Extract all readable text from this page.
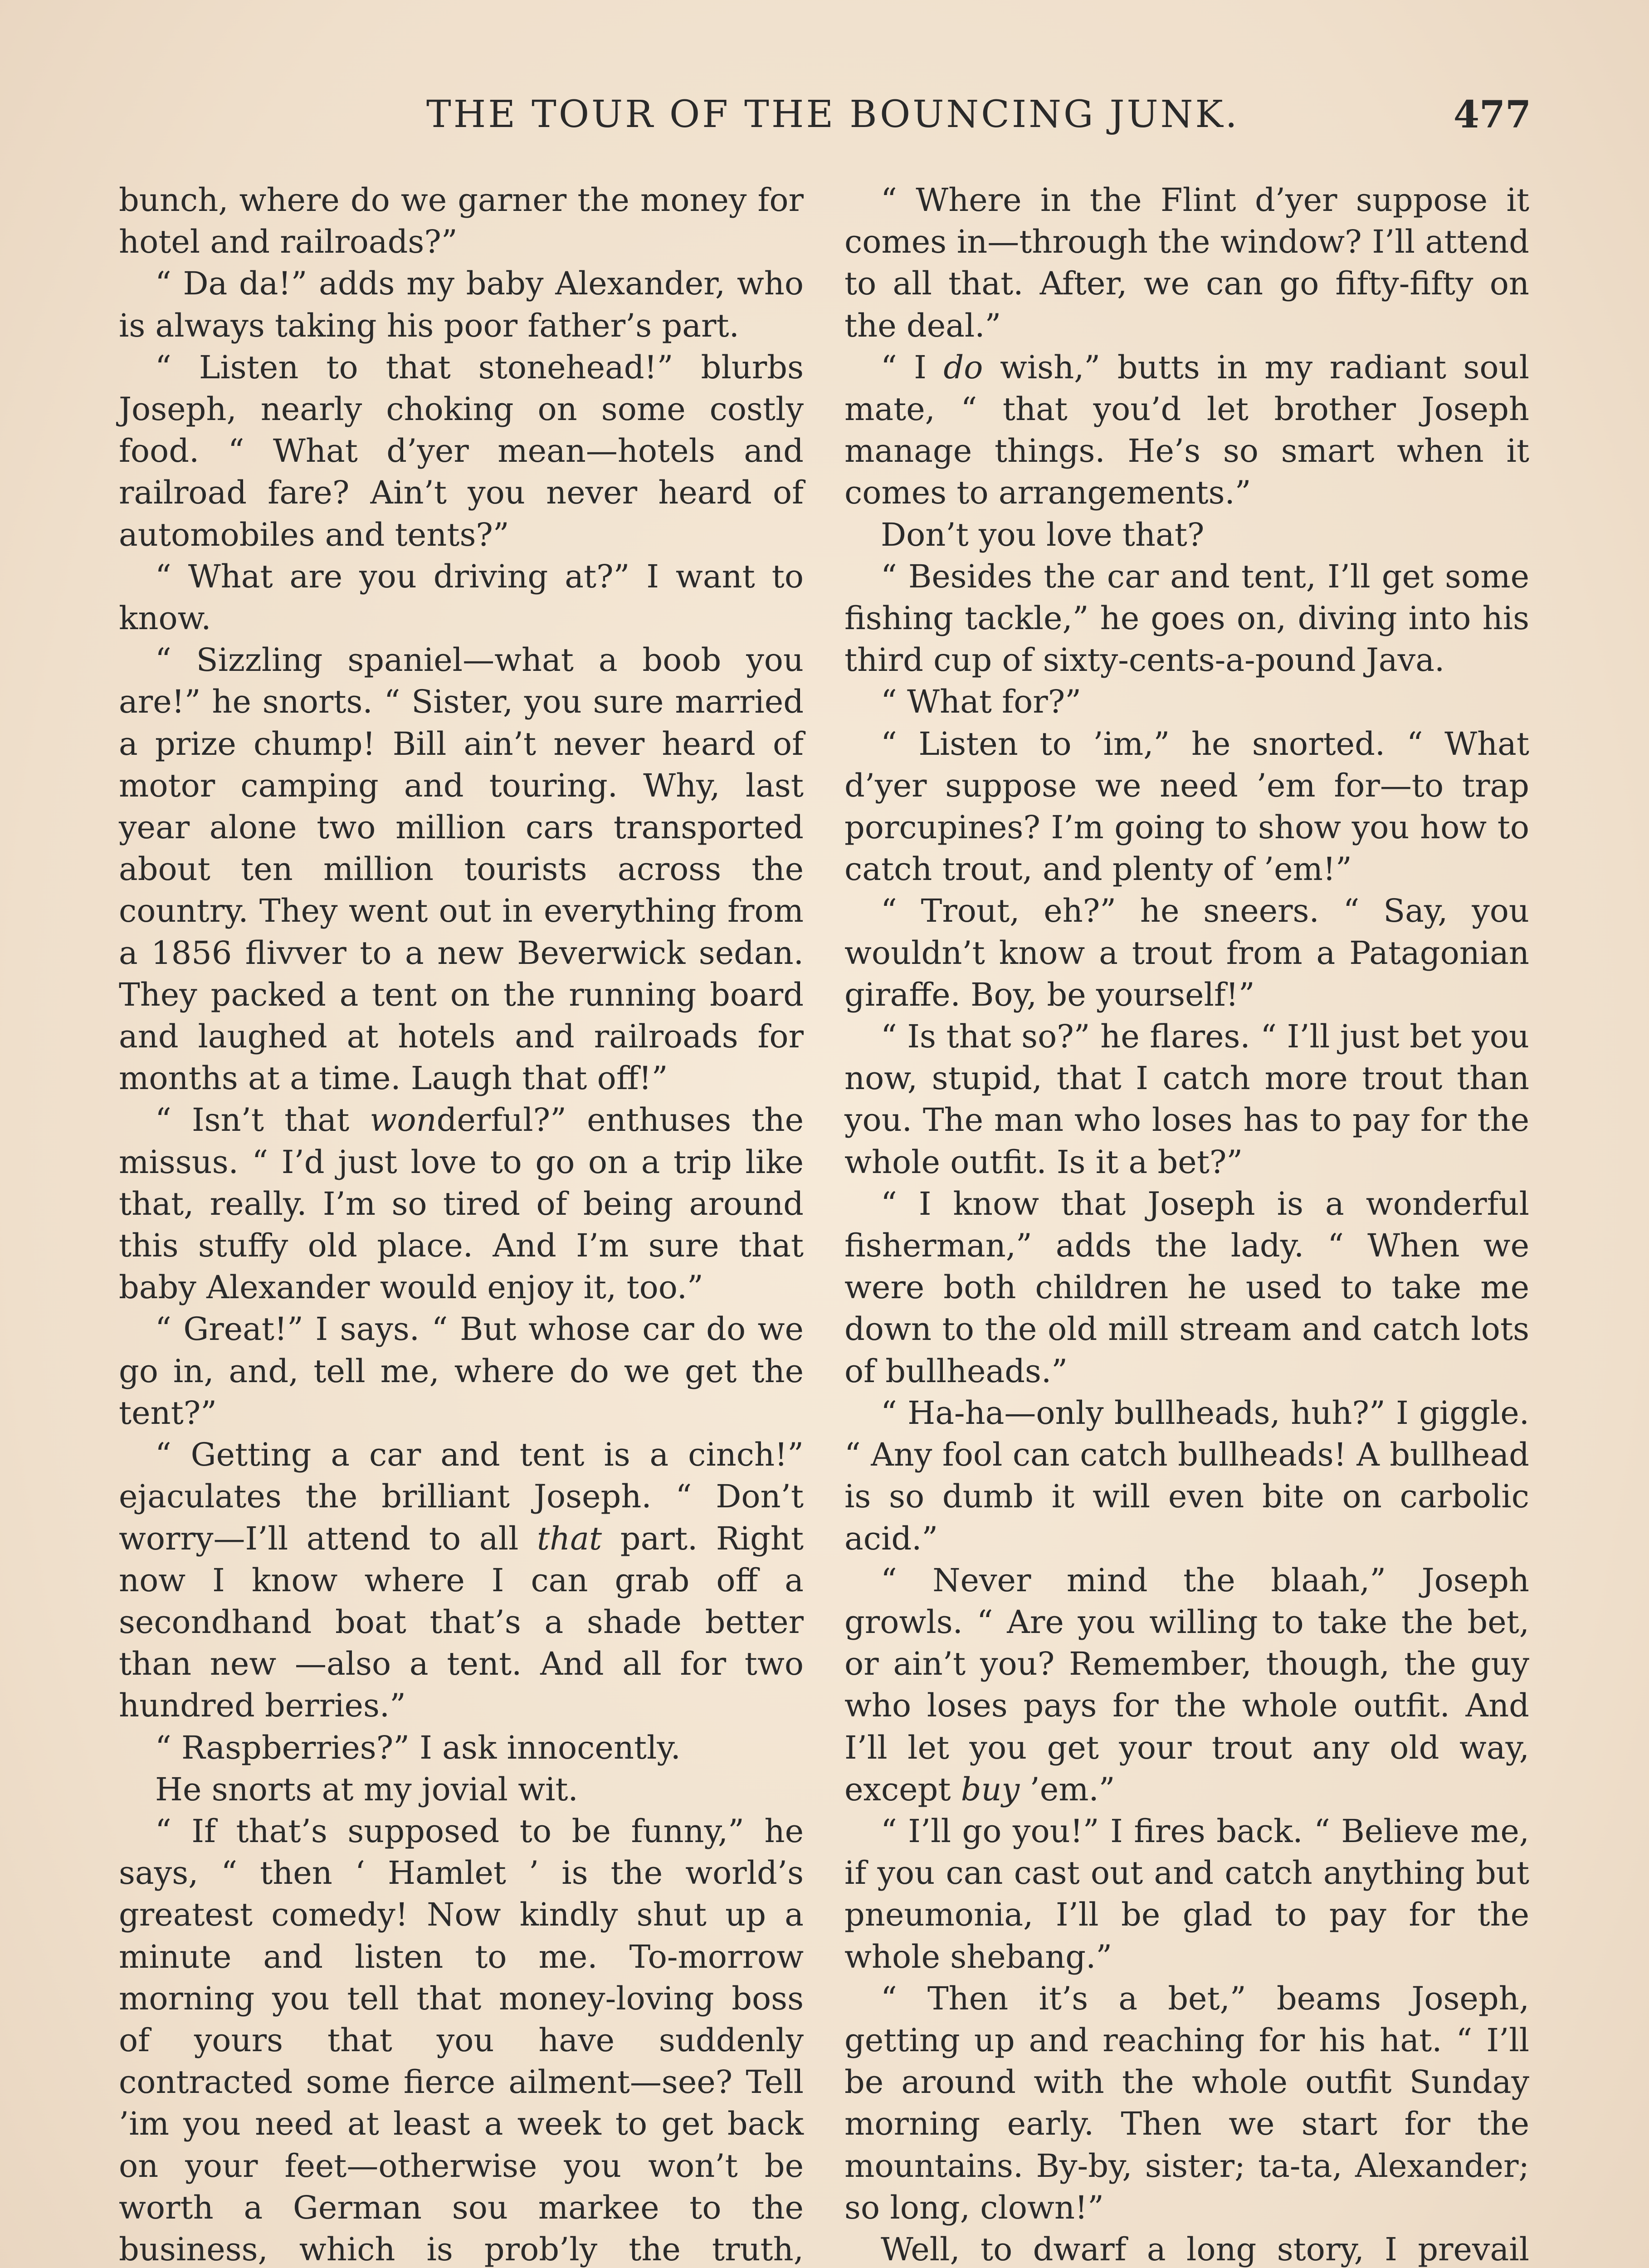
THE TOUR OF THE BOUNCING JUNK.	477

bunch, where do we garner the money for hotel and railroads?”

“ Da da!” adds my baby Alexander, who is always taking his poor father’s part.

“ Listen to that stonehead!” blurbs Joseph, nearly choking on some costly food. “ What d’yer mean—hotels and railroad fare? Ain’t you never heard of automobiles and tents?”

“ What are you driving at?” I want to know.

“ Sizzling spaniel—what a boob you are!” he snorts. “ Sister, you sure married a prize chump! Bill ain’t never heard of motor camping and touring. Why, last year alone two million cars transported about ten million tourists across the country. They went out in everything from a 1856 flivver to a new Beverwick sedan. They packed a tent on the running board and laughed at hotels and railroads for months at a time. Laugh that off!”

“ Isn’t that wonderful?” enthuses the missus. “ I’d just love to go on a trip like that, really. I’m so tired of being around this stuffy old place. And I’m sure that baby Alexander would enjoy it, too.”

“ Great!” I says. “ But whose car do we go in, and, tell me, where do we get the tent?”

“ Getting a car and tent is a cinch!” ejaculates the brilliant Joseph. “ Don’t worry—I’ll attend to all that part. Right now I know where I can grab off a secondhand boat that’s a shade better than new —also a tent. And all for two hundred berries.”

“ Raspberries?” I ask innocently.

He snorts at my jovial wit.

“ If that’s supposed to be funny,” he says, “ then ‘ Hamlet ’ is the world’s greatest comedy! Now kindly shut up a minute and listen to me. To-morrow morning you tell that money-loving boss of yours that you have suddenly contracted some fierce ailment—see? Tell ’im you need at least a week to get back on your feet—otherwise you won’t be worth a German sou markee to the business, which is prob’ly the truth,

“ Where in the Flint d’yer suppose it comes in—through the window? I’ll attend to all that. After, we can go fifty-fifty on the deal.”

“ I do wish,” butts in my radiant soul mate, “ that you’d let brother Joseph manage things. He’s so smart when it comes to arrangements.”

Don’t you love that?

“ Besides the car and tent, I’ll get some fishing tackle,” he goes on, diving into his third cup of sixty-cents-a-pound Java.

“ What for?”

“ Listen to ’im,” he snorted. “ What d’yer suppose we need ’em for—to trap porcupines? I’m going to show you how to catch trout, and plenty of ’em!”

“ Trout, eh?” he sneers. “ Say, you wouldn’t know a trout from a Patagonian giraffe. Boy, be yourself!”

“ Is that so?” he flares. “ I’ll just bet you now, stupid, that I catch more trout than you. The man who loses has to pay for the whole outfit. Is it a bet?”

“ I know that Joseph is a wonderful fisherman,” adds the lady. “ When we were both children he used to take me down to the old mill stream and catch lots of bullheads.”

“ Ha-ha—only bullheads, huh?” I giggle. “ Any fool can catch bullheads! A bullhead is so dumb it will even bite on carbolic acid.”

“ Never mind the blaah,” Joseph growls. “ Are you willing to take the bet, or ain’t you? Remember, though, the guy who loses pays for the whole outfit. And I’ll let you get your trout any old way, except buy ’em.”

“ I’ll go you!” I fires back. “ Believe me, if you can cast out and catch anything but pneumonia, I’ll be glad to pay for the whole shebang.”

“ Then it’s a bet,” beams Joseph, getting up and reaching for his hat. “ I’ll be around with the whole outfit Sunday morning early. Then we start for the mountains. By-by, sister; ta-ta, Alexander; so long, clown!”

Well, to dwarf a long story, I prevail
